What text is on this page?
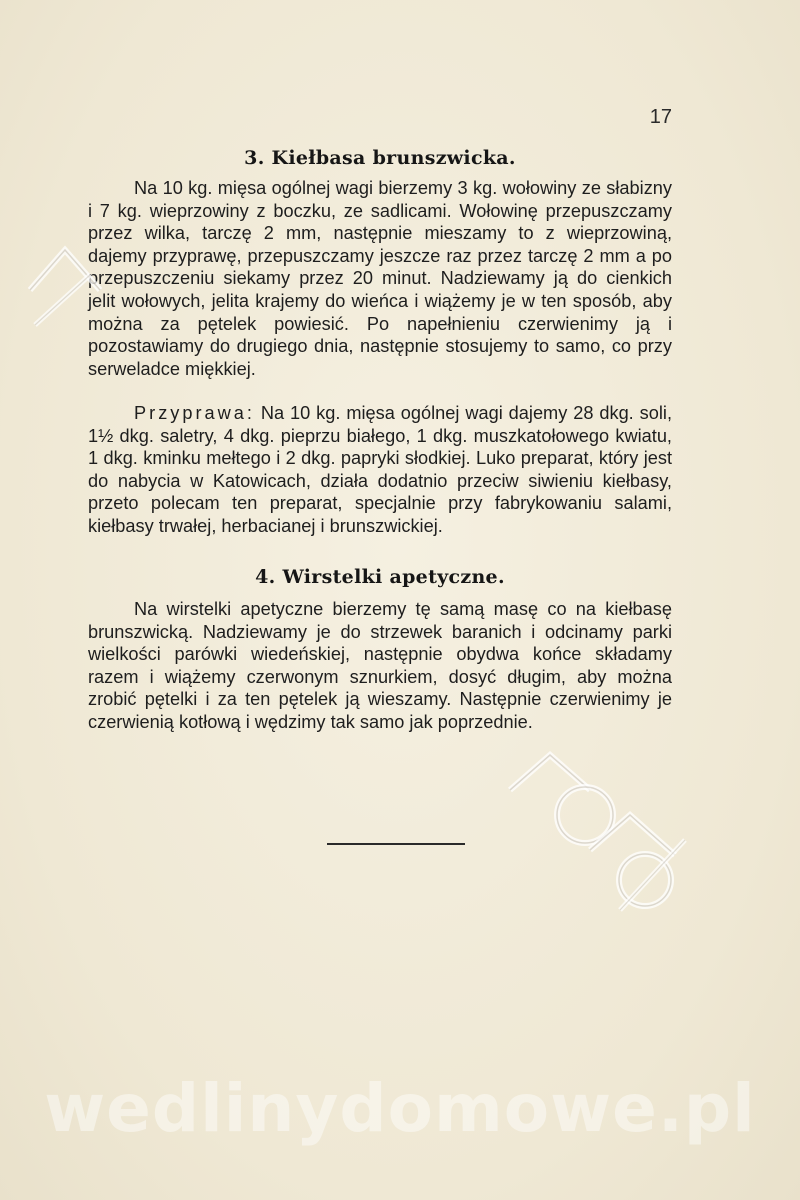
17
3. Kiełbasa brunszwicka.

Na 10 kg. mięsa ogólnej wagi bierzemy 3 kg. wołowiny ze słabizny i 7 kg. wieprzowiny z boczku, ze sadlicami. Wołowinę przepuszczamy przez wilka, tarczę 2 mm, następnie mieszamy to z wieprzowiną, dajemy przyprawę, przepuszczamy jeszcze raz przez tarczę 2 mm a po przepuszczeniu siekamy przez 20 minut. Nadziewamy ją do cienkich jelit wołowych, jelita krajemy do wieńca i wiążemy je w ten sposób, aby można za pętelek powiesić. Po napełnieniu czerwienimy ją i pozostawiamy do drugiego dnia, następnie stosujemy to samo, co przy serweladce miękkiej.

Przyprawa: Na 10 kg. mięsa ogólnej wagi dajemy 28 dkg. soli, 1½ dkg. saletry, 4 dkg. pieprzu białego, 1 dkg. muszkatołowego kwiatu, 1 dkg. kminku mełtego i 2 dkg. papryki słodkiej. Luko preparat, który jest do nabycia w Katowicach, działa dodatnio przeciw siwieniu kiełbasy, przeto polecam ten preparat, specjalnie przy fabrykowaniu salami, kiełbasy trwałej, herbacianej i brunszwickiej.

4. Wirstelki apetyczne.

Na wirstelki apetyczne bierzemy tę samą masę co na kiełbasę brunszwicką. Nadziewamy je do strzewek baranich i odcinamy parki wielkości parówki wiedeńskiej, następnie obydwa końce składamy razem i wiążemy czerwonym sznurkiem, dosyć długim, aby można zrobić pętelki i za ten pętelek ją wieszamy. Następnie czerwienimy je czerwienią kotłową i wędzimy tak samo jak poprzednie.

wedlinydomowe.pl
